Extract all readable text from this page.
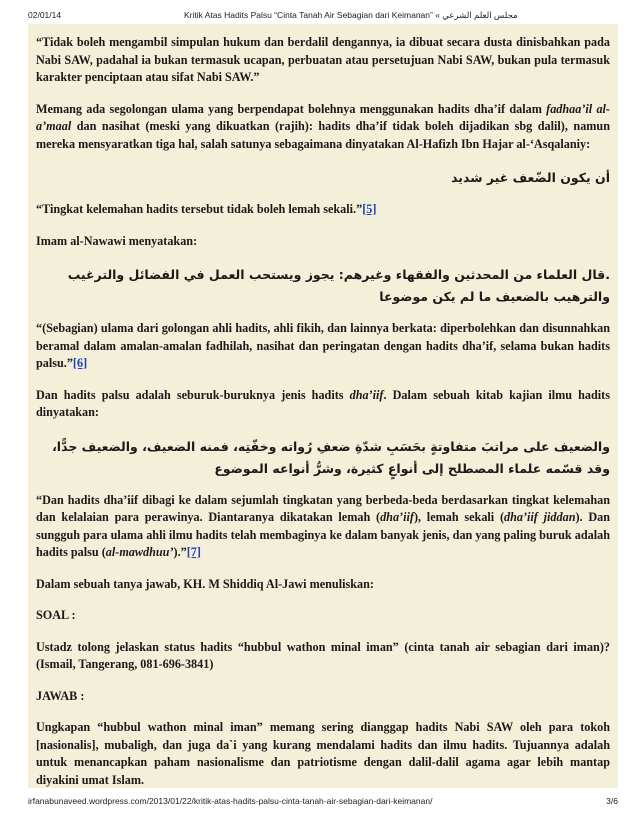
02/01/14	Kritik Atas Hadits Palsu “Cinta Tanah Air Sebagian dari Keimanan” « مجلس العلم الشرعي

“Tidak boleh mengambil simpulan hukum dan berdalil dengannya, ia dibuat secara dusta dinisbahkan pada Nabi SAW, padahal ia bukan termasuk ucapan, perbuatan atau persetujuan Nabi SAW, bukan pula termasuk karakter penciptaan atau sifat Nabi SAW.”

Memang ada segolongan ulama yang berpendapat bolehnya menggunakan hadits dha’if dalam fadhaa’il al-a’maal dan nasihat (meski yang dikuatkan (rajih): hadits dha’if tidak boleh dijadikan sbg dalil), namun mereka mensyaratkan tiga hal, salah satunya sebagaimana dinyatakan Al-Hafizh Ibn Hajar al-‘Asqalaniy:

أن يكون الضّعف غير شديد

“Tingkat kelemahan hadits tersebut tidak boleh lemah sekali.”[5]

Imam al-Nawawi menyatakan:

.قال العلماء من المحدثين والفقهاء وغيرهم: يجوز ويستحب العمل في الفضائل والترغيب والترهيب بالضعيف ما لم يكن موضوعا

“(Sebagian) ulama dari golongan ahli hadits, ahli fikih, dan lainnya berkata: diperbolehkan dan disunnahkan beramal dalam amalan-amalan fadhilah, nasihat dan peringatan dengan hadits dha’if, selama bukan hadits palsu.”[6]

Dan hadits palsu adalah seburuk-buruknya jenis hadits dha’iif. Dalam sebuah kitab kajian ilmu hadits dinyatakan:

والضعيف على مراتبَ متفاوتةٍ بحَسَبِ شدّةِ ضعفِ رُواته وخفّتِه، فمنه الضعيف، والضعيف جدًّا، وقد قسّمه علماء المصطلح إلى أنواعٍ كثيرة، وشرُّ أنواعه الموضوع

“Dan hadits dha’iif dibagi ke dalam sejumlah tingkatan yang berbeda-beda berdasarkan tingkat kelemahan dan kelalaian para perawinya. Diantaranya dikatakan lemah (dha’iif), lemah sekali (dha’iif jiddan). Dan sungguh para ulama ahli ilmu hadits telah membaginya ke dalam banyak jenis, dan yang paling buruk adalah hadits palsu (al-mawdhuu’).”[7]

Dalam sebuah tanya jawab, KH. M Shiddiq Al-Jawi menuliskan:

SOAL :

Ustadz tolong jelaskan status hadits “hubbul wathon minal iman” (cinta tanah air sebagian dari iman)? (Ismail, Tangerang, 081-696-3841)

JAWAB :

Ungkapan “hubbul wathon minal iman” memang sering dianggap hadits Nabi SAW oleh para tokoh [nasionalis], mubaligh, dan juga da`i yang kurang mendalami hadits dan ilmu hadits. Tujuannya adalah untuk menancapkan paham nasionalisme dan patriotisme dengan dalil-dalil agama agar lebih mantap diyakini umat Islam.

irfanabunaveed.wordpress.com/2013/01/22/kritik-atas-hadits-palsu-cinta-tanah-air-sebagian-dari-keimanan/	3/6
